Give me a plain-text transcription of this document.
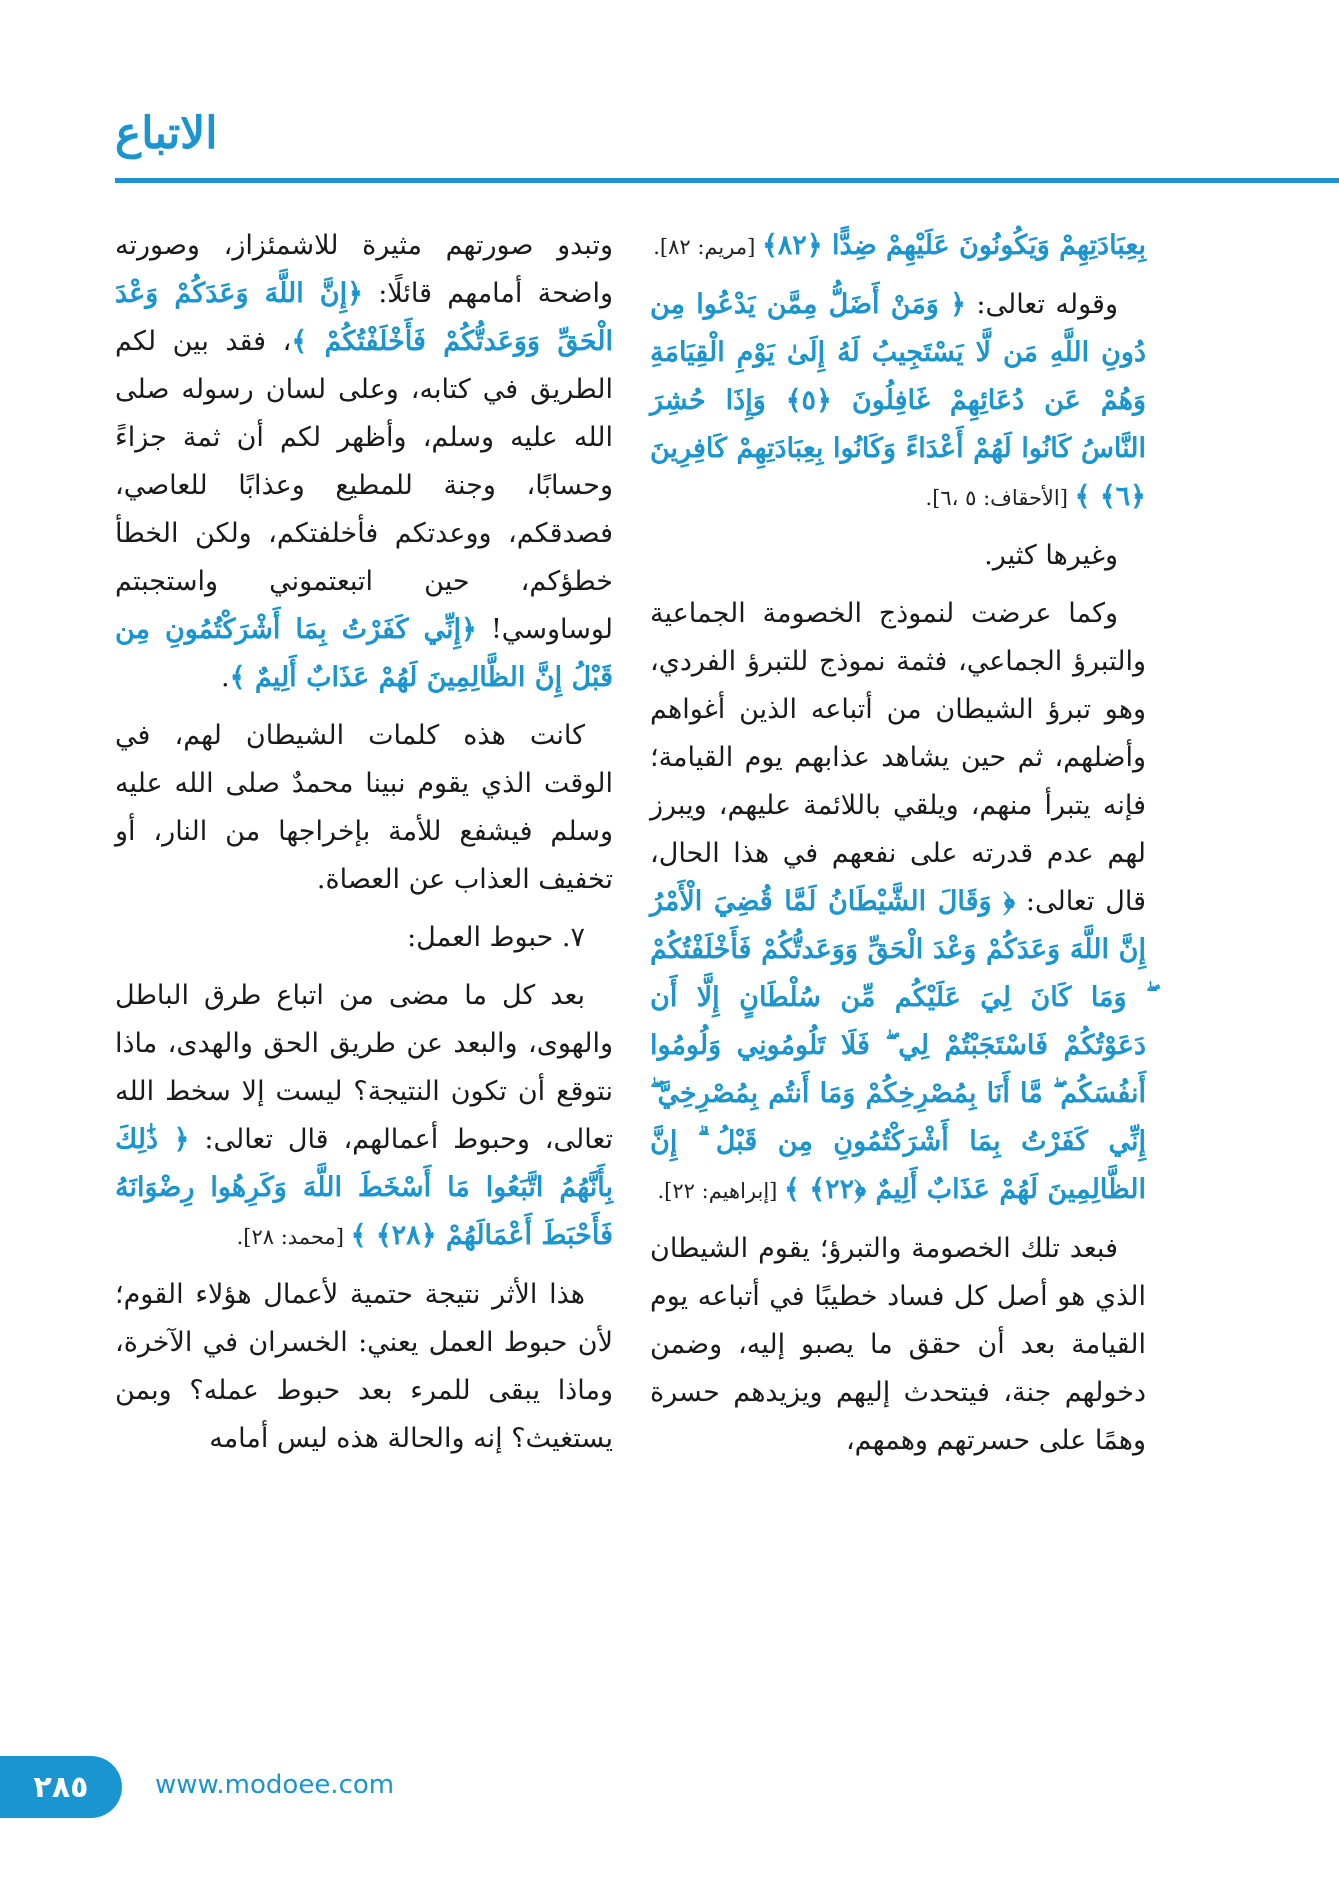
الاتباع

بِعِبَادَتِهِمْ وَيَكُونُونَ عَلَيْهِمْ ضِدًّا ﴿٨٢﴾ [مريم: ٨٢].

وقوله تعالى: ﴿ وَمَنْ أَضَلُّ مِمَّن يَدْعُوا مِن دُونِ اللَّهِ مَن لَّا يَسْتَجِيبُ لَهُ إِلَىٰ يَوْمِ الْقِيَامَةِ وَهُمْ عَن دُعَائِهِمْ غَافِلُونَ ﴿٥﴾ وَإِذَا حُشِرَ النَّاسُ كَانُوا لَهُمْ أَعْدَاءً وَكَانُوا بِعِبَادَتِهِمْ كَافِرِينَ ﴿٦﴾ ﴾ [الأحقاف: ٥ ،٦].

وغيرها كثير.

وكما عرضت لنموذج الخصومة الجماعية والتبرؤ الجماعي، فثمة نموذج للتبرؤ الفردي، وهو تبرؤ الشيطان من أتباعه الذين أغواهم وأضلهم، ثم حين يشاهد عذابهم يوم القيامة؛ فإنه يتبرأ منهم، ويلقي باللائمة عليهم، ويبرز لهم عدم قدرته على نفعهم في هذا الحال، قال تعالى: ﴿ وَقَالَ الشَّيْطَانُ لَمَّا قُضِيَ الْأَمْرُ إِنَّ اللَّهَ وَعَدَكُمْ وَعْدَ الْحَقِّ وَوَعَدتُّكُمْ فَأَخْلَفْتُكُمْ ۖ وَمَا كَانَ لِيَ عَلَيْكُم مِّن سُلْطَانٍ إِلَّا أَن دَعَوْتُكُمْ فَاسْتَجَبْتُمْ لِي ۖ فَلَا تَلُومُونِي وَلُومُوا أَنفُسَكُم ۖ مَّا أَنَا بِمُصْرِخِكُمْ وَمَا أَنتُم بِمُصْرِخِيَّ ۖ إِنِّي كَفَرْتُ بِمَا أَشْرَكْتُمُونِ مِن قَبْلُ ۗ إِنَّ الظَّالِمِينَ لَهُمْ عَذَابٌ أَلِيمٌ ﴿٢٢﴾ ﴾ [إبراهيم: ٢٢].

فبعد تلك الخصومة والتبرؤ؛ يقوم الشيطان الذي هو أصل كل فساد خطيبًا في أتباعه يوم القيامة بعد أن حقق ما يصبو إليه، وضمن دخولهم جنة، فيتحدث إليهم ويزيدهم حسرة وهمًا على حسرتهم وهمهم،

وتبدو صورتهم مثيرة للاشمئزاز، وصورته واضحة أمامهم قائلًا: ﴿إِنَّ اللَّهَ وَعَدَكُمْ وَعْدَ الْحَقِّ وَوَعَدتُّكُمْ فَأَخْلَفْتُكُمْ ﴾، فقد بين لكم الطريق في كتابه، وعلى لسان رسوله صلى الله عليه وسلم، وأظهر لكم أن ثمة جزاءً وحسابًا، وجنة للمطيع وعذابًا للعاصي، فصدقكم، ووعدتكم فأخلفتكم، ولكن الخطأ خطؤكم، حين اتبعتموني واستجبتم لوساوسي! ﴿إِنِّي كَفَرْتُ بِمَا أَشْرَكْتُمُونِ مِن قَبْلُ إِنَّ الظَّالِمِينَ لَهُمْ عَذَابٌ أَلِيمٌ ﴾.

كانت هذه كلمات الشيطان لهم، في الوقت الذي يقوم نبينا محمدٌ صلى الله عليه وسلم فيشفع للأمة بإخراجها من النار، أو تخفيف العذاب عن العصاة.

٧. حبوط العمل:

بعد كل ما مضى من اتباع طرق الباطل والهوى، والبعد عن طريق الحق والهدى، ماذا نتوقع أن تكون النتيجة؟ ليست إلا سخط الله تعالى، وحبوط أعمالهم، قال تعالى: ﴿ ذَٰلِكَ بِأَنَّهُمُ اتَّبَعُوا مَا أَسْخَطَ اللَّهَ وَكَرِهُوا رِضْوَانَهُ فَأَحْبَطَ أَعْمَالَهُمْ ﴿٢٨﴾ ﴾ [محمد: ٢٨].

هذا الأثر نتيجة حتمية لأعمال هؤلاء القوم؛ لأن حبوط العمل يعني: الخسران في الآخرة، وماذا يبقى للمرء بعد حبوط عمله؟ وبمن يستغيث؟ إنه والحالة هذه ليس أمامه

٢٨٥	www.modoee.com
